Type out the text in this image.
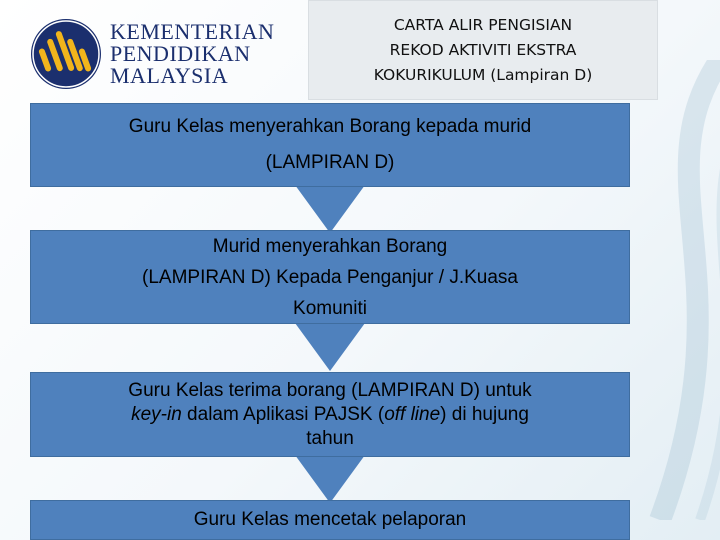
KEMENTERIAN
PENDIDIKAN
MALAYSIA
CARTA ALIR PENGISIAN
REKOD AKTIVITI EKSTRA
KOKURIKULUM (Lampiran D)
Guru Kelas menyerahkan Borang kepada murid
(LAMPIRAN D)
Murid menyerahkan Borang
(LAMPIRAN D) Kepada Penganjur / J.Kuasa
Komuniti
Guru Kelas terima borang (LAMPIRAN D) untuk
key-in dalam Aplikasi PAJSK (off line) di hujung
tahun
Guru Kelas mencetak pelaporan
